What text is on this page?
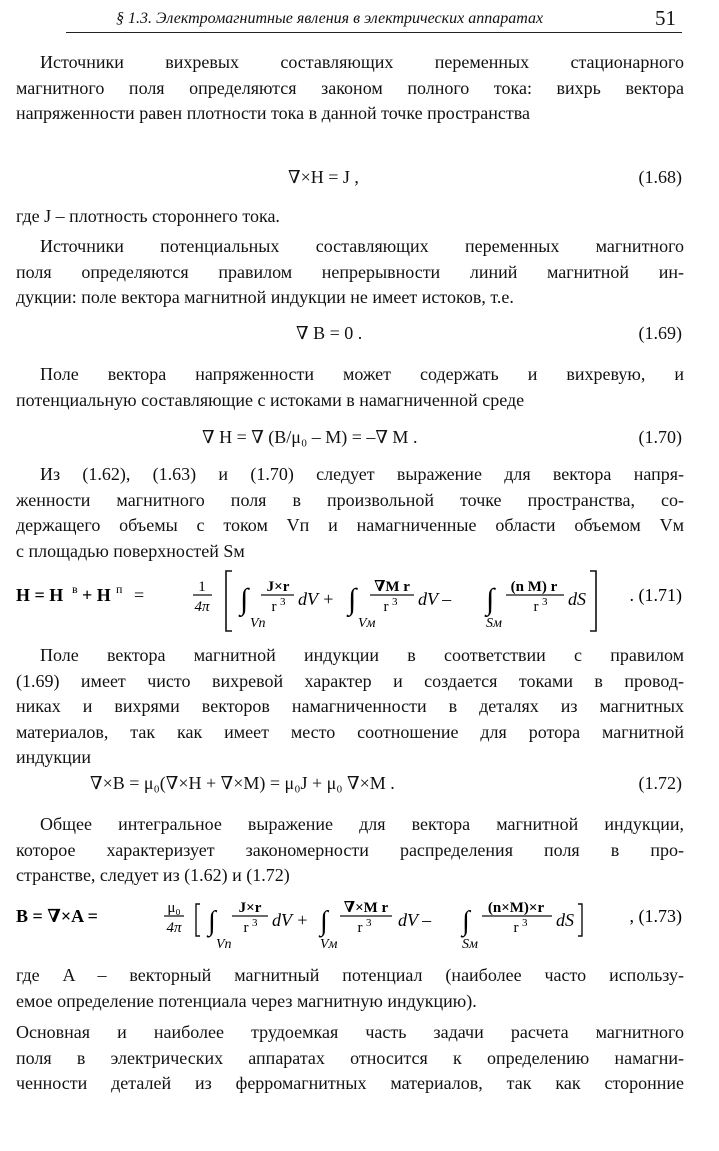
§ 1.3. Электромагнитные явления в электрических аппаратах	51
Источники вихревых составляющих переменных стационарного
магнитного поля определяются законом полного тока: вихрь вектора
напряженности равен плотности тока в данной точке пространства
∇×H = J ,	(1.68)
где J – плотность стороннего тока.
Источники потенциальных составляющих переменных магнитного
поля определяются правилом непрерывности линий магнитной ин-
дукции: поле вектора магнитной индукции не имеет истоков, т.е.
∇ B = 0 .	(1.69)
Поле вектора напряженности может содержать и вихревую, и
потенциальную составляющие с истоками в намагниченной среде
∇ H = ∇ (B/μ₀ – M) = –∇ M .	(1.70)
Из (1.62), (1.63) и (1.70) следует выражение для вектора напря-
женности магнитного поля в произвольной точке пространства, со-
держащего объемы с током Vп и намагниченные области объемом Vм
с площадью поверхностей Sм
H = H в + H п =	1
4π ∫
Vп
J×r
r 3 dV + ∫
Vм
∇M r
r 3 dV – ∫
Sм
(n M) r
r 3 dS . (1.71)
Поле вектора магнитной индукции в соответствии с правилом
(1.69) имеет чисто вихревой характер и создается токами в провод-
никах и вихрями векторов намагниченности в деталях из магнитных
материалов, так как имеет место соотношение для ротора магнитной
индукции
∇×B = μ₀(∇×H + ∇×M) = μ₀J + μ₀ ∇×M .	(1.72)
Общее интегральное выражение для вектора магнитной индукции,
которое характеризует закономерности распределения поля в про-
странстве, следует из (1.62) и (1.72)
B = ∇×A =	μ₀
4π ∫
Vп
J×r
r 3 dV + ∫
Vм
∇×M r
r 3 dV – ∫
Sм
(n×M)×r
r 3 dS	, (1.73)
где A – векторный магнитный потенциал (наиболее часто использу-
емое определение потенциала через магнитную индукцию).
Основная и наиболее трудоемкая часть задачи расчета магнитного
поля в электрических аппаратах относится к определению намагни-
ченности деталей из ферромагнитных материалов, так как сторонние
